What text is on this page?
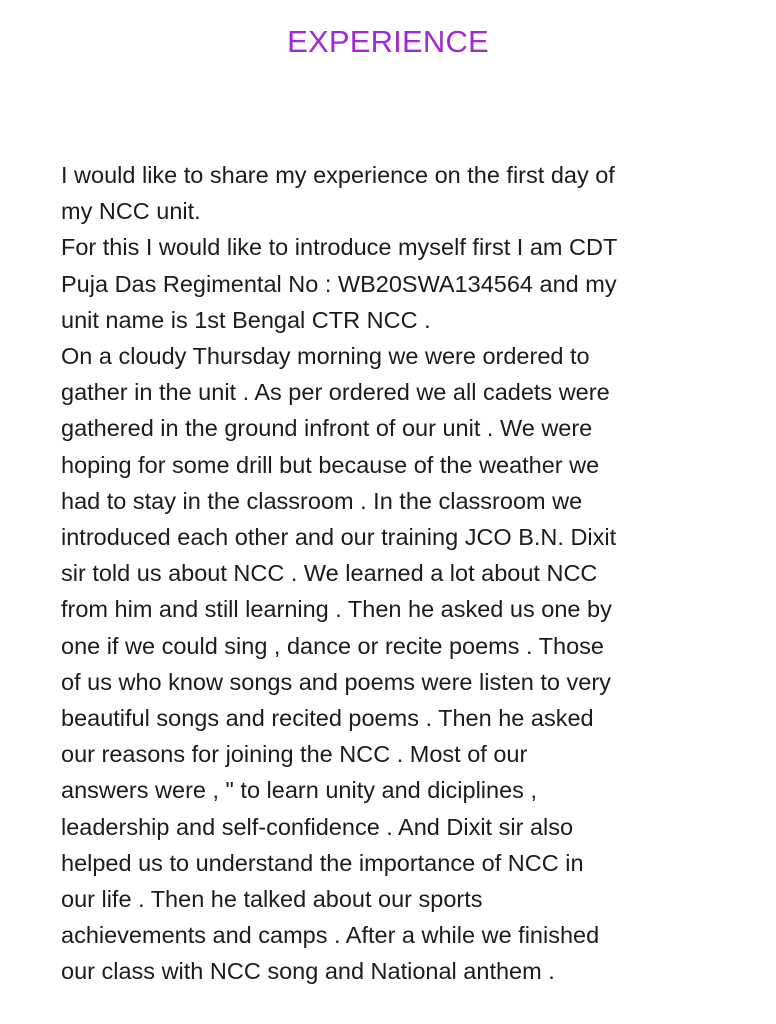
EXPERIENCE
I would like to share my experience on the first day of
my NCC unit.
For this I would like to introduce myself first I am CDT
Puja Das Regimental No : WB20SWA134564 and my
unit name is 1st Bengal CTR NCC .
On a cloudy Thursday morning we were ordered to
gather in the unit . As per ordered we all cadets were
gathered in the ground infront of our unit . We were
hoping for some drill but because of the weather we
had to stay in the classroom . In the classroom we
introduced each other and our training JCO B.N. Dixit
sir told us about NCC . We learned a lot about NCC
from him and still learning . Then he asked us one by
one if we could sing , dance or recite poems . Those
of us who know songs and poems were listen to very
beautiful songs and recited poems . Then he asked
our reasons for joining the NCC . Most of our
answers were , " to learn unity and diciplines ,
leadership and self-confidence . And Dixit sir also
helped us to understand the importance of NCC in
our life . Then he talked about our sports
achievements and camps . After a while we finished
our class with NCC song and National anthem .
